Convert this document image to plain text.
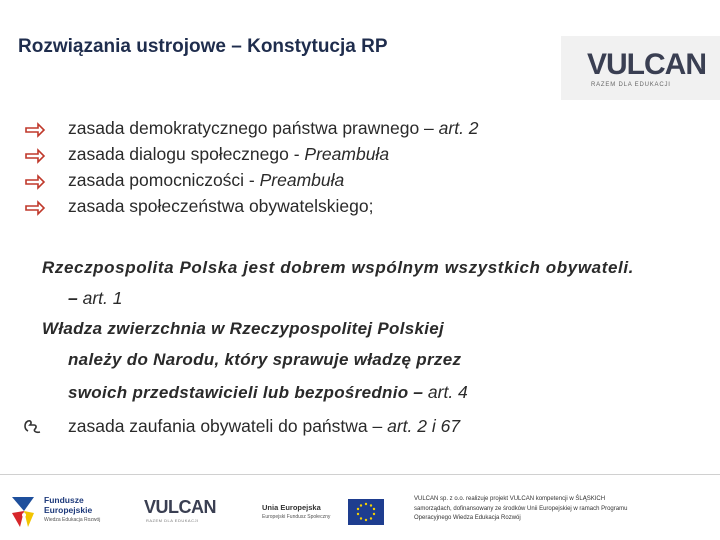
Rozwiązania ustrojowe – Konstytucja RP
VULCAN
RAZEM DLA EDUKACJI
zasada demokratycznego państwa prawnego – art. 2
zasada dialogu społecznego - Preambuła
zasada pomocniczości - Preambuła
zasada społeczeństwa obywatelskiego;
Rzeczpospolita Polska jest dobrem wspólnym wszystkich obywateli.
– art. 1
Władza zwierzchnia w Rzeczypospolitej Polskiej
należy do Narodu, który sprawuje władzę przez
swoich przedstawicieli lub bezpośrednio – art. 4
zasada zaufania obywateli do państwa – art. 2 i 67
Fundusze
Europejskie
Wiedza Edukacja Rozwój
VULCAN
RAZEM DLA EDUKACJI
Unia Europejska
Europejski Fundusz Społeczny
VULCAN sp. z o.o. realizuje projekt VULCAN kompetencji w ŚLĄSKICH
samorządach, dofinansowany ze środków Unii Europejskiej w ramach Programu
Operacyjnego Wiedza Edukacja Rozwój
